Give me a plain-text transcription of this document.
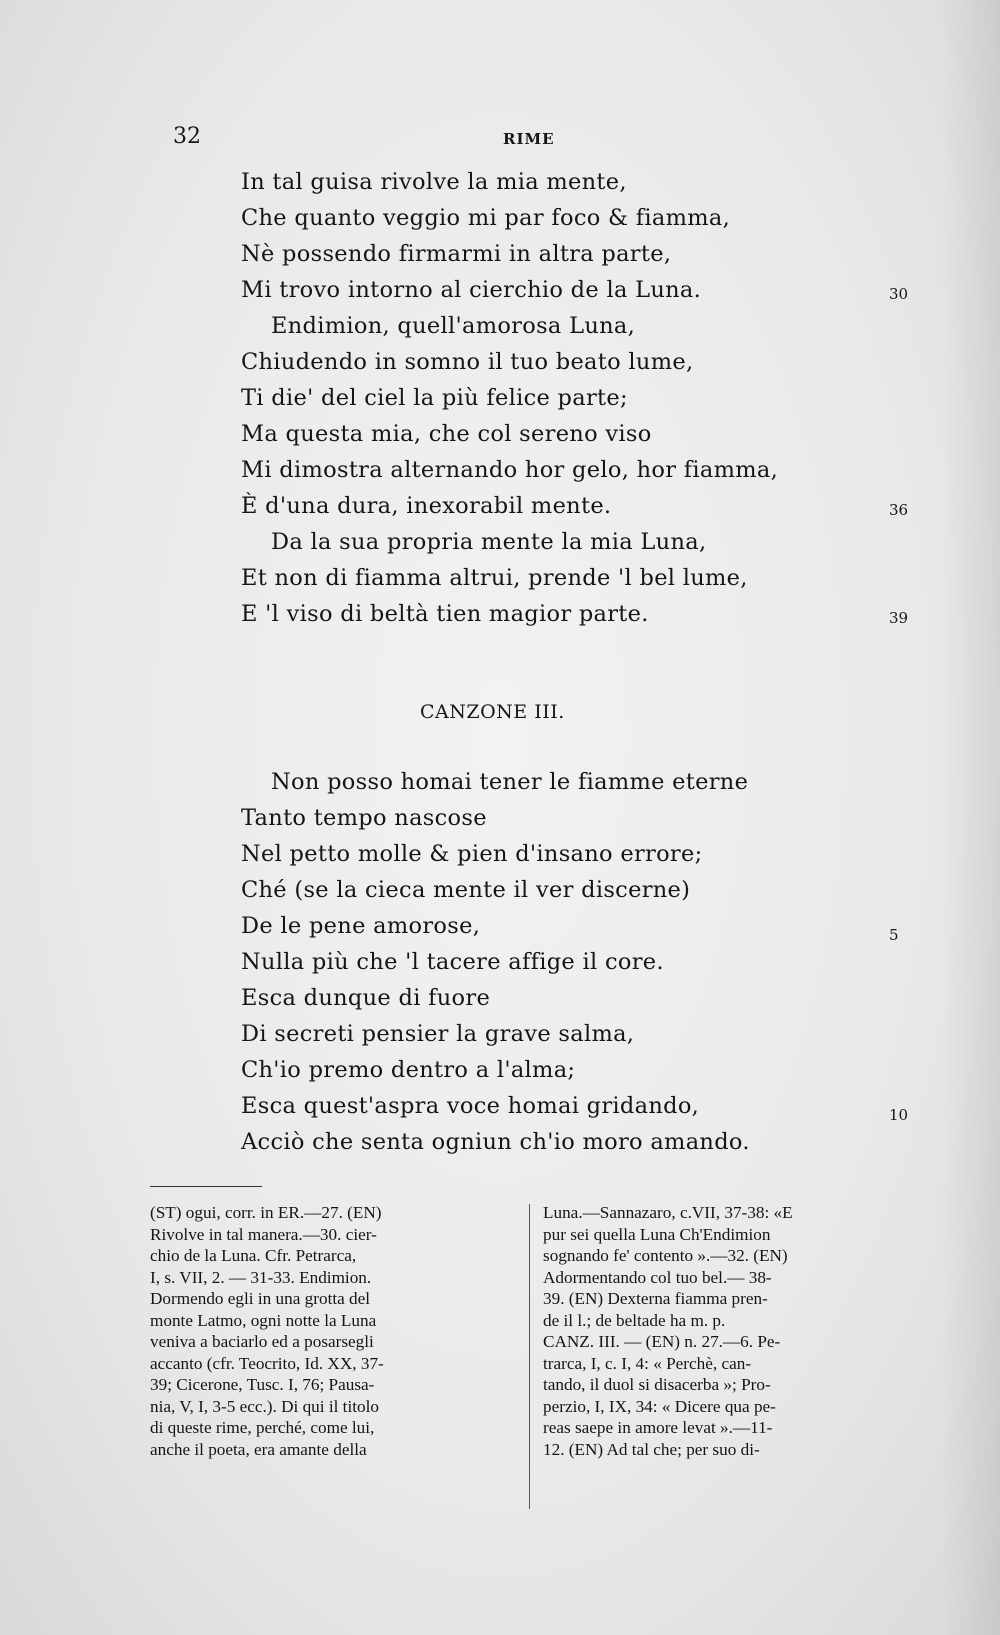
32	RIME
In tal guisa rivolve la mia mente,
Che quanto veggio mi par foco & fiamma,
Nè possendo firmarmi in altra parte,
Mi trovo intorno al cierchio de la Luna.
Endimion, quell'amorosa Luna,
Chiudendo in somno il tuo beato lume,
Ti die' del ciel la più felice parte;
Ma questa mia, che col sereno viso
Mi dimostra alternando hor gelo, hor fiamma,
È d'una dura, inexorabil mente.
Da la sua propria mente la mia Luna,
Et non di fiamma altrui, prende 'l bel lume,
E 'l viso di beltà tien magior parte.
30
36
39
CANZONE III.
Non posso homai tener le fiamme eterne
Tanto tempo nascose
Nel petto molle & pien d'insano errore;
Ché (se la cieca mente il ver discerne)
De le pene amorose,
Nulla più che 'l tacere affige il core.
Esca dunque di fuore
Di secreti pensier la grave salma,
Ch'io premo dentro a l'alma;
Esca quest'aspra voce homai gridando,
Acciò che senta ogniun ch'io moro amando.
5
10
(ST) ogui, corr. in ER.—27. (EN)
Rivolve in tal manera.—30. cier-
chio de la Luna. Cfr. Petrarca,
I, s. VII, 2. — 31-33. Endimion.
Dormendo egli in una grotta del
monte Latmo, ogni notte la Luna
veniva a baciarlo ed a posarsegli
accanto (cfr. Teocrito, Id. XX, 37-
39; Cicerone, Tusc. I, 76; Pausa-
nia, V, I, 3-5 ecc.). Di qui il titolo
di queste rime, perché, come lui,
anche il poeta, era amante della
Luna.—Sannazaro, c.VII, 37-38: «E
pur sei quella Luna Ch'Endimion
sognando fe' contento ».—32. (EN)
Adormentando col tuo bel.— 38-
39. (EN) Dexterna fiamma pren-
de il l.; de beltade ha m. p.
CANZ. III. — (EN) n. 27.—6. Pe-
trarca, I, c. I, 4: « Perchè, can-
tando, il duol si disacerba »; Pro-
perzio, I, IX, 34: « Dicere qua pe-
reas saepe in amore levat ».—11-
12. (EN) Ad tal che; per suo di-
